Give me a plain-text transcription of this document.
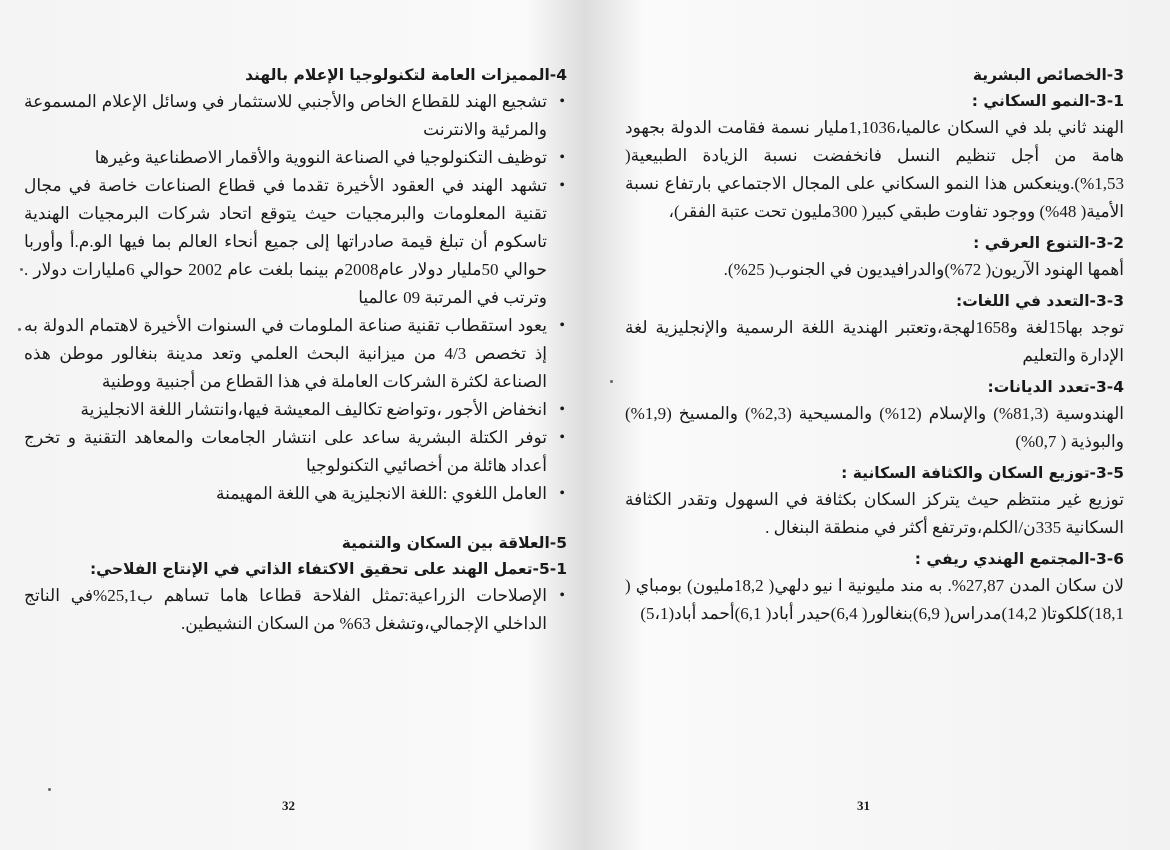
4-المميزات العامة لتكنولوجيا الإعلام بالهند
• تشجيع الهند للقطاع الخاص والأجنبي للاستثمار في وسائل الإعلام المسموعة والمرئية والانترنت
• توظيف التكنولوجيا في الصناعة النووية والأقمار الاصطناعية وغيرها
• تشهد الهند في العقود الأخيرة تقدما في قطاع الصناعات خاصة في مجال تقنية المعلومات والبرمجيات حيث يتوقع اتحاد شركات البرمجيات الهندية تاسكوم أن تبلغ قيمة صادراتها إلى جميع أنحاء العالم بما فيها الو.م.أ وأوربا حوالي 50مليار دولار عام2008م بينما بلغت عام 2002 حوالي 6مليارات دولار . وترتب في المرتبة 09 عالميا
• يعود استقطاب تقنية صناعة الملومات في السنوات الأخيرة لاهتمام الدولة به إذ تخصص 4/3 من ميزانية البحث العلمي وتعد مدينة بنغالور موطن هذه الصناعة لكثرة الشركات العاملة في هذا القطاع من أجنبية ووطنية
• انخفاض الأجور ،وتواضع تكاليف المعيشة فيها،وانتشار اللغة الانجليزية
• توفر الكتلة البشرية ساعد على انتشار الجامعات والمعاهد التقنية و تخرج أعداد هائلة من أخصائيي التكنولوجيا
• العامل اللغوي :اللغة الانجليزية هي اللغة المهيمنة
5-العلاقة بين السكان والتنمية
5-1-تعمل الهند على تحقيق الاكتفاء الذاتي في الإنتاج الفلاحي:
• الإصلاحات الزراعية:تمثل الفلاحة قطاعا هاما تساهم ب25,1%في الناتج الداخلي الإجمالي،وتشغل 63% من السكان النشيطين.
32
3-الخصائص البشرية
3-1-النمو السكاني :

الهند ثاني بلد في السكان عالميا،1,1036مليار نسمة فقامت الدولة بجهود هامة من أجل تنظيم النسل فانخفضت نسبة الزيادة الطبيعية( 1,53%).وينعكس هذا النمو السكاني على المجال الاجتماعي بارتفاع نسبة الأمية( 48%) ووجود تفاوت طبقي كبير( 300مليون تحت عتبة الفقر)،

3-2-التنوع العرقي :

أهمها الهنود الآريون( 72%)والدرافيديون في الجنوب( 25%).

3-3-التعدد في اللغات:

توجد بها15لغة و1658لهجة،وتعتبر الهندية اللغة الرسمية والإنجليزية لغة الإدارة والتعليم

3-4-تعدد الديانات:

الهندوسية (81,3%) والإسلام (12%) والمسيحية (2,3%) والمسيخ (1,9%) والبوذية ( 0,7%)

3-5-توزيع السكان والكثافة السكانية :

توزيع غير منتظم حيث يتركز السكان بكثافة في السهول وتقدر الكثافة السكانية 335ن/الكلم،وترتفع أكثر في منطقة البنغال .

3-6-المجتمع الهندي ريفي :

لان سكان المدن 27,87%. به مند مليونية ا نيو دلهي( 18,2مليون) بومباي ( 18,1)كلكوتا( 14,2)مدراس( 6,9)بنغالور( 6,4)حيدر أباد( 6,1)أحمد أباد(5،1)

31
